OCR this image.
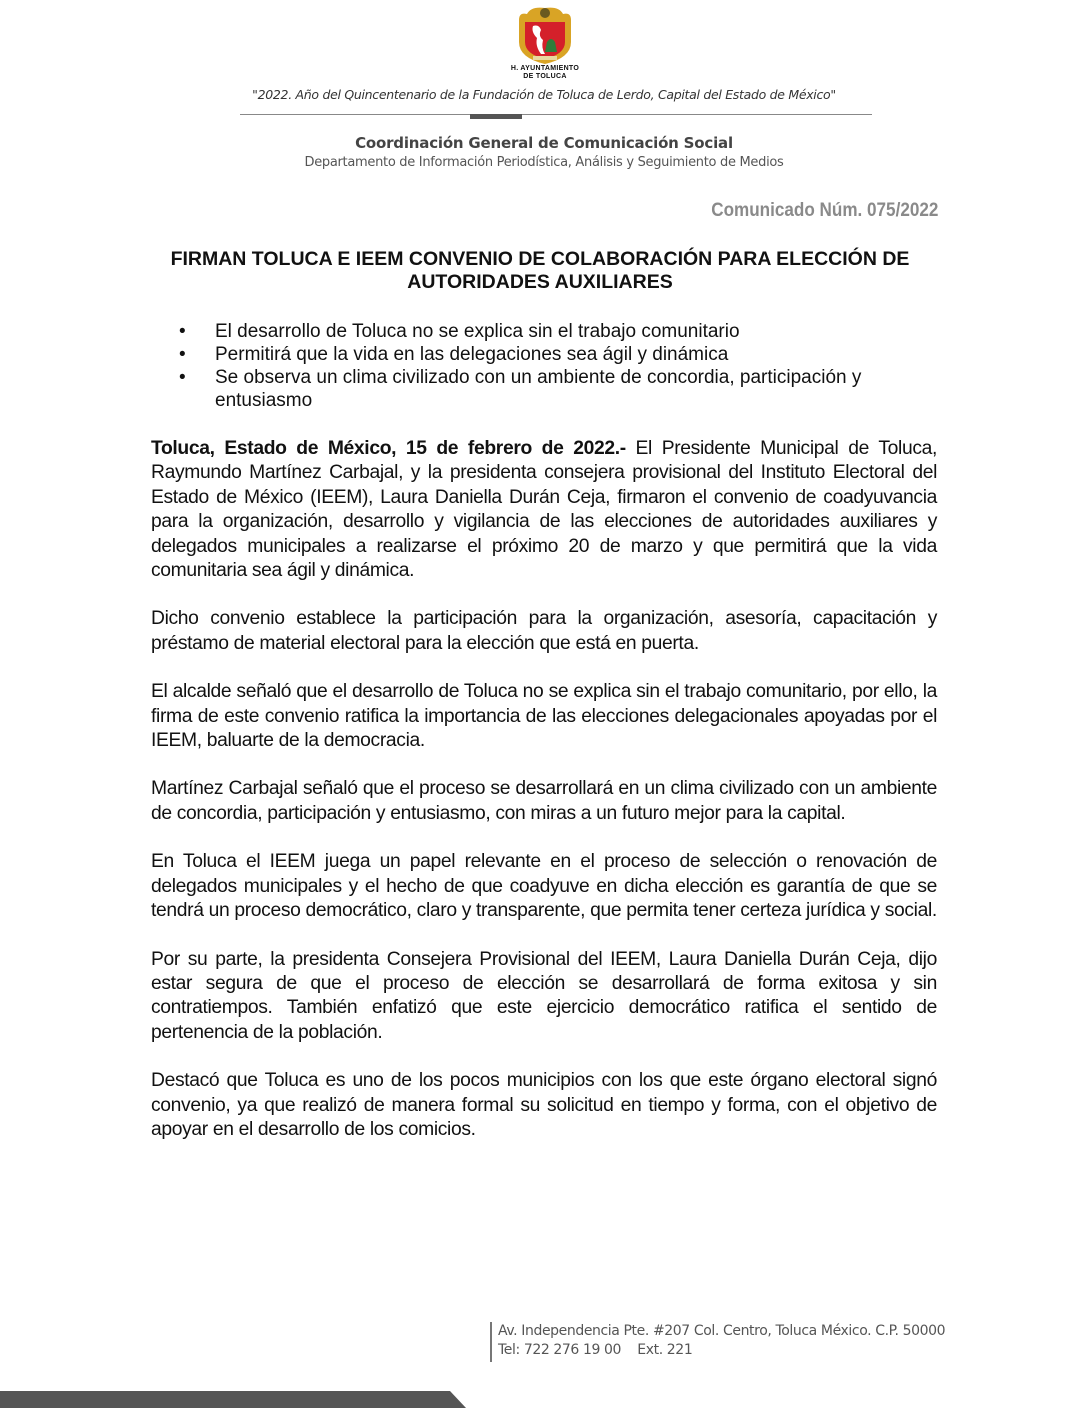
H. AYUNTAMIENTO
DE TOLUCA
"2022. Año del Quincentenario de la Fundación de Toluca de Lerdo, Capital del Estado de México"
Coordinación General de Comunicación Social
Departamento de Información Periodística, Análisis y Seguimiento de Medios
Comunicado Núm. 075/2022
FIRMAN TOLUCA E IEEM CONVENIO DE COLABORACIÓN PARA ELECCIÓN DE AUTORIDADES AUXILIARES
• El desarrollo de Toluca no se explica sin el trabajo comunitario
• Permitirá que la vida en las delegaciones sea ágil y dinámica
• Se observa un clima civilizado con un ambiente de concordia, participación y entusiasmo

Toluca, Estado de México, 15 de febrero de 2022.- El Presidente Municipal de Toluca, Raymundo Martínez Carbajal, y la presidenta consejera provisional del Instituto Electoral del Estado de México (IEEM), Laura Daniella Durán Ceja, firmaron el convenio de coadyuvancia para la organización, desarrollo y vigilancia de las elecciones de autoridades auxiliares y delegados municipales a realizarse el próximo 20 de marzo y que permitirá que la vida comunitaria sea ágil y dinámica.

Dicho convenio establece la participación para la organización, asesoría, capacitación y préstamo de material electoral para la elección que está en puerta.

El alcalde señaló que el desarrollo de Toluca no se explica sin el trabajo comunitario, por ello, la firma de este convenio ratifica la importancia de las elecciones delegacionales apoyadas por el IEEM, baluarte de la democracia.

Martínez Carbajal señaló que el proceso se desarrollará en un clima civilizado con un ambiente de concordia, participación y entusiasmo, con miras a un futuro mejor para la capital.

En Toluca el IEEM juega un papel relevante en el proceso de selección o renovación de delegados municipales y el hecho de que coadyuve en dicha elección es garantía de que se tendrá un proceso democrático, claro y transparente, que permita tener certeza jurídica y social.

Por su parte, la presidenta Consejera Provisional del IEEM, Laura Daniella Durán Ceja, dijo estar segura de que el proceso de elección se desarrollará de forma exitosa y sin contratiempos. También enfatizó que este ejercicio democrático ratifica el sentido de pertenencia de la población.

Destacó que Toluca es uno de los pocos municipios con los que este órgano electoral signó convenio, ya que realizó de manera formal su solicitud en tiempo y forma, con el objetivo de apoyar en el desarrollo de los comicios.

Av. Independencia Pte. #207 Col. Centro, Toluca México. C.P. 50000
Tel: 722 276 19 00 Ext. 221
